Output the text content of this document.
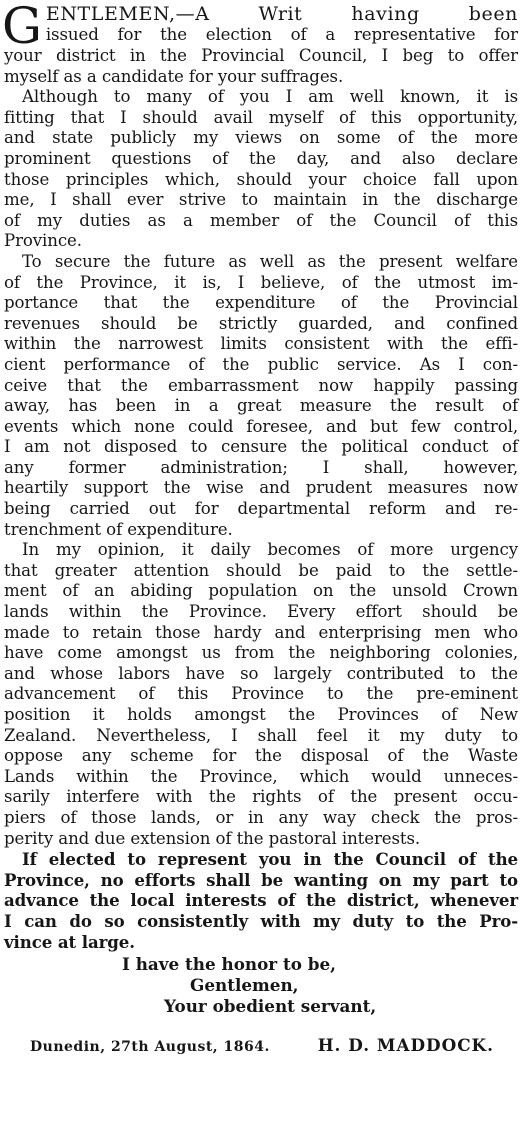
G ENTLEMEN,—A Writ having been
issued for the election of a representative for
your district in the Provincial Council, I beg to offer
myself as a candidate for your suffrages.
Although to many of you I am well known, it is
fitting that I should avail myself of this opportunity,
and state publicly my views on some of the more
prominent questions of the day, and also declare
those principles which, should your choice fall upon
me, I shall ever strive to maintain in the discharge
of my duties as a member of the Council of this
Province.
To secure the future as well as the present welfare
of the Province, it is, I believe, of the utmost im-
portance that the expenditure of the Provincial
revenues should be strictly guarded, and confined
within the narrowest limits consistent with the effi-
cient performance of the public service. As I con-
ceive that the embarrassment now happily passing
away, has been in a great measure the result of
events which none could foresee, and but few control,
I am not disposed to censure the political conduct of
any former administration; I shall, however,
heartily support the wise and prudent measures now
being carried out for departmental reform and re-
trenchment of expenditure.
In my opinion, it daily becomes of more urgency
that greater attention should be paid to the settle-
ment of an abiding population on the unsold Crown
lands within the Province. Every effort should be
made to retain those hardy and enterprising men who
have come amongst us from the neighboring colonies,
and whose labors have so largely contributed to the
advancement of this Province to the pre-eminent
position it holds amongst the Provinces of New
Zealand. Nevertheless, I shall feel it my duty to
oppose any scheme for the disposal of the Waste
Lands within the Province, which would unneces-
sarily interfere with the rights of the present occu-
piers of those lands, or in any way check the pros-
perity and due extension of the pastoral interests.
If elected to represent you in the Council of the
Province, no efforts shall be wanting on my part to
advance the local interests of the district, whenever
I can do so consistently with my duty to the Pro-
vince at large.
I have the honor to be,
Gentlemen,
Your obedient servant,
Dunedin, 27th August, 1864.	H. D. MADDOCK.
